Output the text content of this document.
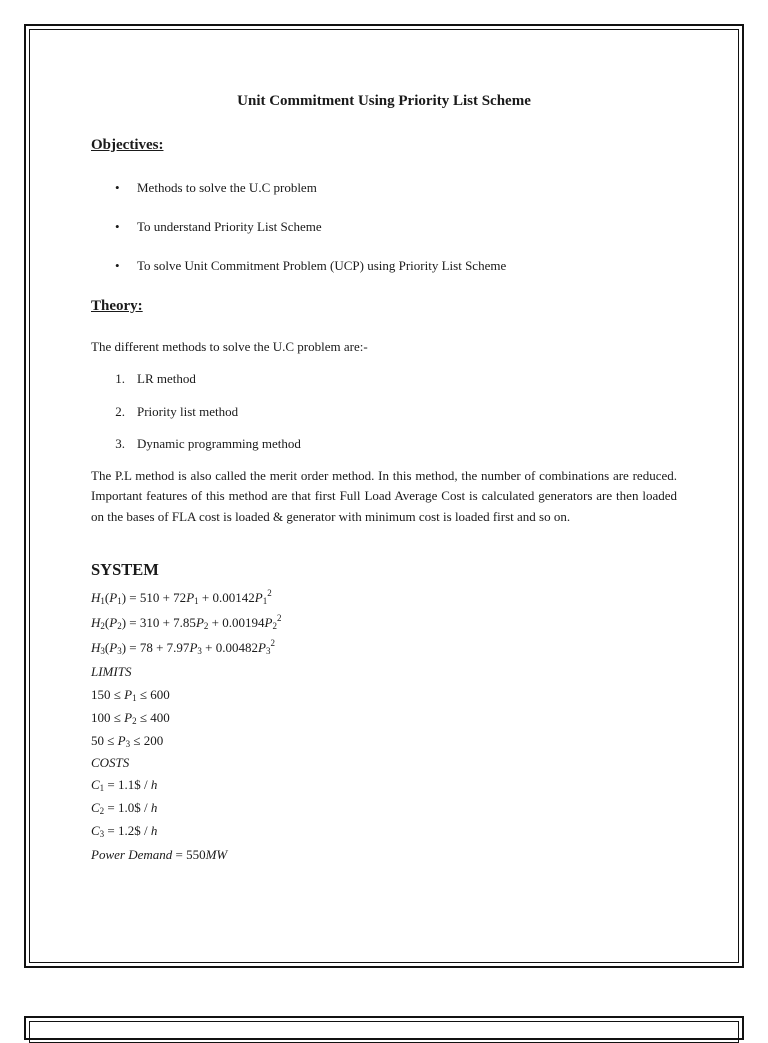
Unit Commitment Using Priority List Scheme
Objectives:
• Methods to solve the U.C problem
• To understand Priority List Scheme
• To solve Unit Commitment Problem (UCP) using Priority List Scheme
Theory:
The different methods to solve the U.C problem are:-
1. LR method
2. Priority list method
3. Dynamic programming method
The P.L method is also called the merit order method. In this method, the number of combinations are reduced. Important features of this method are that first Full Load Average Cost is calculated generators are then loaded on the bases of FLA cost is loaded & generator with minimum cost is loaded first and so on.
SYSTEM
$H_1(P_1) = 510 + 72P_1 + 0.00142P_1^2$
$H_2(P_2) = 310 + 7.85P_2 + 0.00194P_2^2$
$H_3(P_3) = 78 + 7.97P_3 + 0.00482P_3^2$
LIMITS
$150 \le P_1 \le 600$
$100 \le P_2 \le 400$
$50 \le P_3 \le 200$
COSTS
$C_1$ = 1.1$ / h
$C_2$ = 1.0$ / h
$C_3$ = 1.2$ / h
Power Demand = 550MW
